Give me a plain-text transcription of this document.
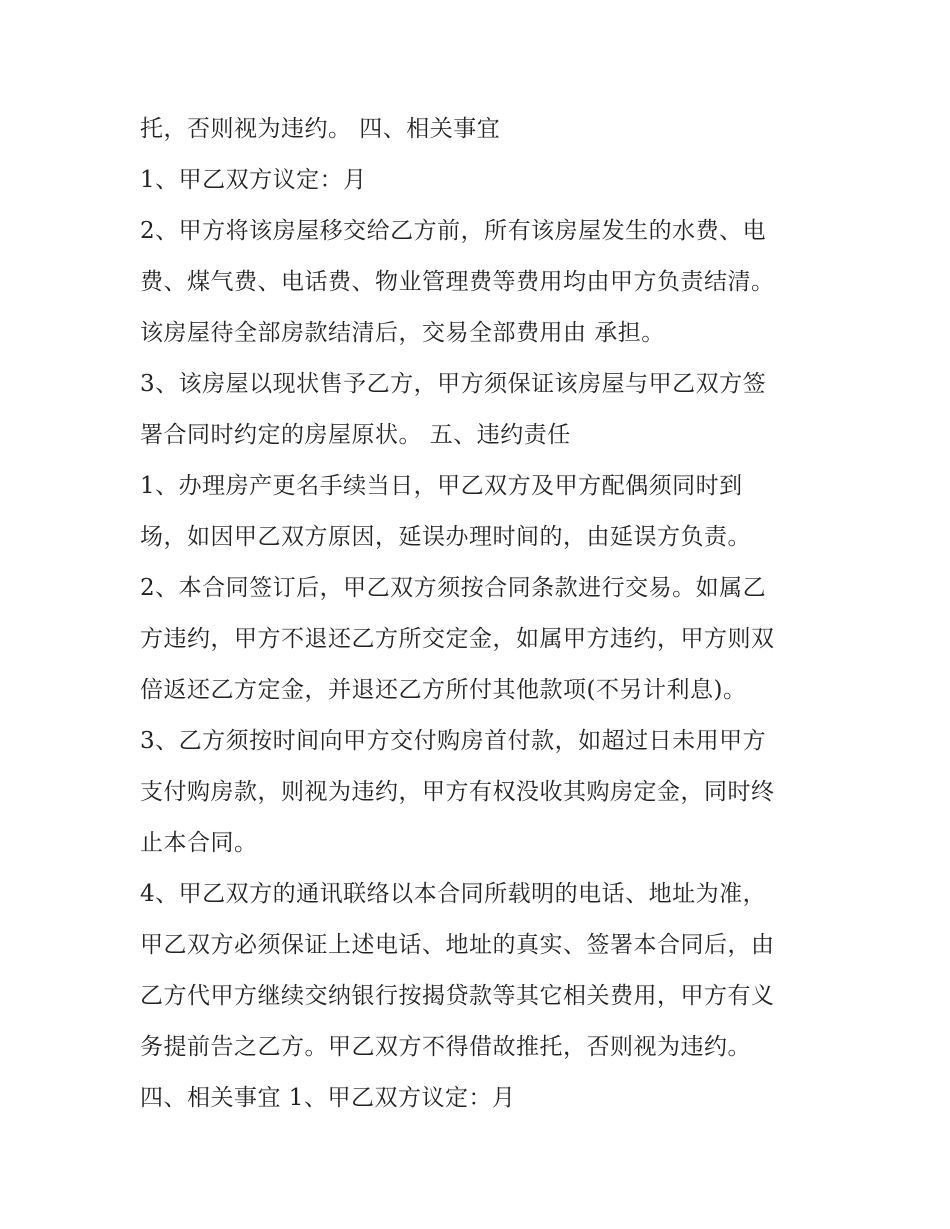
托，否则视为违约。 四、相关事宜
1、甲乙双方议定：月
2、甲方将该房屋移交给乙方前，所有该房屋发生的水费、电
费、煤气费、电话费、物业管理费等费用均由甲方负责结清。
该房屋待全部房款结清后，交易全部费用由 承担。
3、该房屋以现状售予乙方，甲方须保证该房屋与甲乙双方签
署合同时约定的房屋原状。 五、违约责任
1、办理房产更名手续当日，甲乙双方及甲方配偶须同时到
场，如因甲乙双方原因，延误办理时间的，由延误方负责。
2、本合同签订后，甲乙双方须按合同条款进行交易。如属乙
方违约，甲方不退还乙方所交定金，如属甲方违约，甲方则双
倍返还乙方定金，并退还乙方所付其他款项(不另计利息)。
3、乙方须按时间向甲方交付购房首付款，如超过日未用甲方
支付购房款，则视为违约，甲方有权没收其购房定金，同时终
止本合同。
4、甲乙双方的通讯联络以本合同所载明的电话、地址为准，
甲乙双方必须保证上述电话、地址的真实、签署本合同后，由
乙方代甲方继续交纳银行按揭贷款等其它相关费用，甲方有义
务提前告之乙方。甲乙双方不得借故推托，否则视为违约。
四、相关事宜 1、甲乙双方议定：月
